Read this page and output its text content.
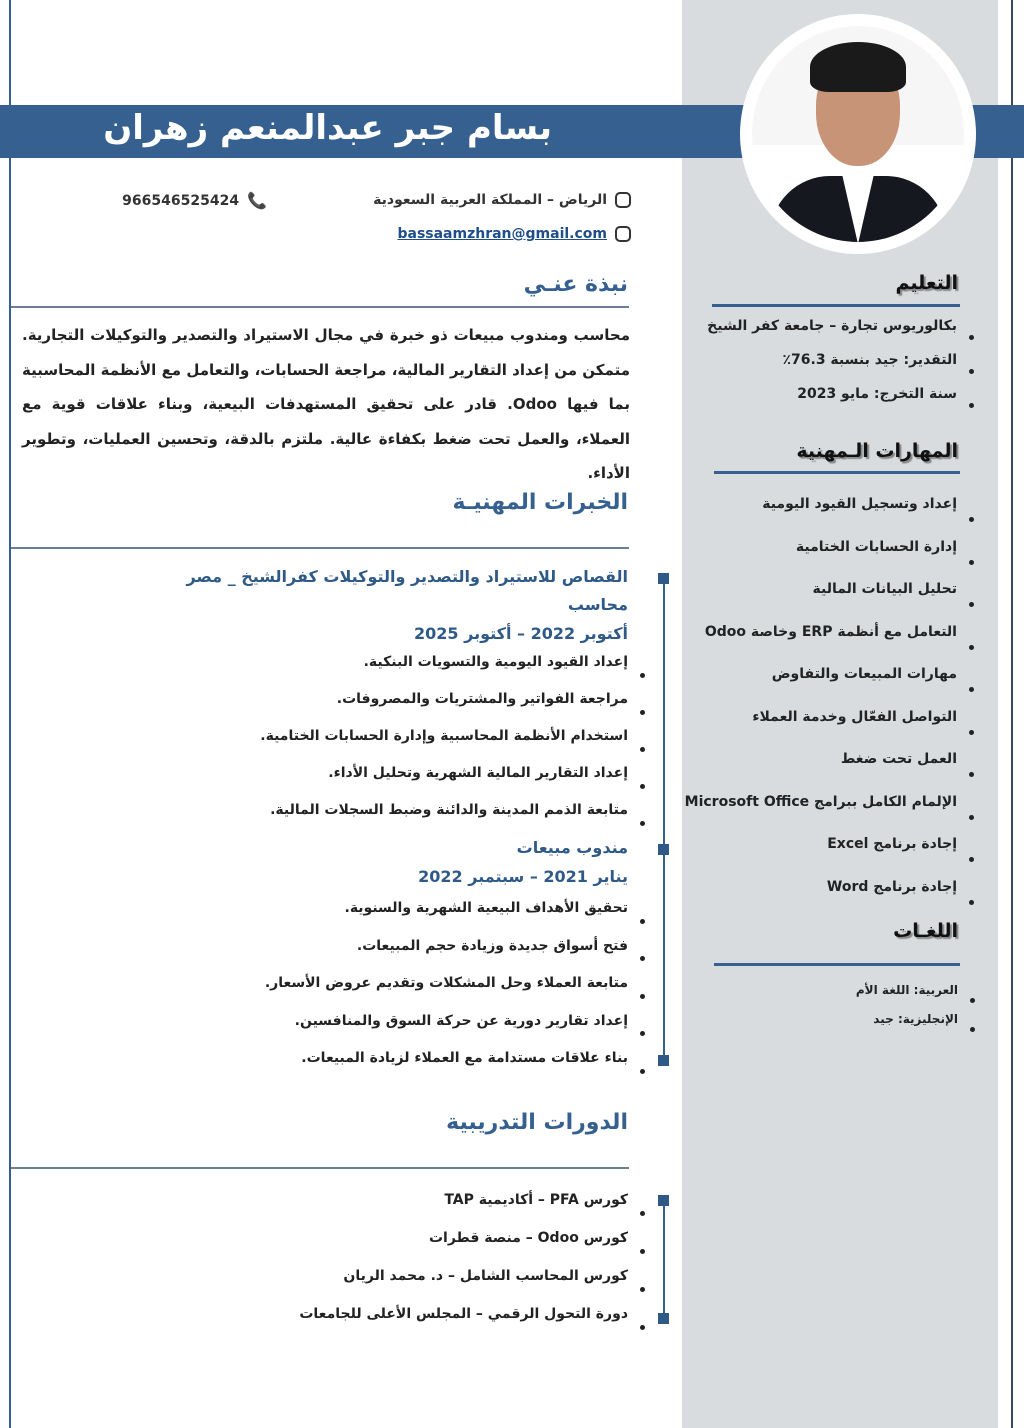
بسام جبر عبدالمنعم زهران
الرياض – المملكة العربية السعودية
📞
966546525424
bassaamzhran@gmail.com
نبذة عنـي
محاسب ومندوب مبيعات ذو خبرة في مجال الاستيراد والتصدير والتوكيلات التجارية. متمكن من إعداد التقارير المالية، مراجعة الحسابات، والتعامل مع الأنظمة المحاسبية بما فيها Odoo. قادر على تحقيق المستهدفات البيعية، وبناء علاقات قوية مع العملاء، والعمل تحت ضغط بكفاءة عالية. ملتزم بالدقة، وتحسين العمليات، وتطوير الأداء.
الخبرات المهنيـة
القصاص للاستيراد والتصدير والتوكيلات كفرالشيخ _ مصر
محاسب
أكتوبر 2022 – أكتوبر 2025
إعداد القيود اليومية والتسويات البنكية.
مراجعة الفواتير والمشتريات والمصروفات.
استخدام الأنظمة المحاسبية وإدارة الحسابات الختامية.
إعداد التقارير المالية الشهرية وتحليل الأداء.
متابعة الذمم المدينة والدائنة وضبط السجلات المالية.
مندوب مبيعات
يناير 2021 – سبتمبر 2022
تحقيق الأهداف البيعية الشهرية والسنوية.
فتح أسواق جديدة وزيادة حجم المبيعات.
متابعة العملاء وحل المشكلات وتقديم عروض الأسعار.
إعداد تقارير دورية عن حركة السوق والمنافسين.
بناء علاقات مستدامة مع العملاء لزيادة المبيعات.
الدورات التدريبية
كورس PFA – أكاديمية TAP
كورس Odoo – منصة قطرات
كورس المحاسب الشامل – د. محمد الريان
دورة التحول الرقمي – المجلس الأعلى للجامعات
التعليم
بكالوريوس تجارة – جامعة كفر الشيخ
التقدير: جيد بنسبة 76.3٪
سنة التخرج: مايو 2023
المهارات الـمهنية
إعداد وتسجيل القيود اليومية
إدارة الحسابات الختامية
تحليل البيانات المالية
التعامل مع أنظمة ERP وخاصة Odoo
مهارات المبيعات والتفاوض
التواصل الفعّال وخدمة العملاء
العمل تحت ضغط
الإلمام الكامل ببرامج Microsoft Office
إجادة برنامج Excel
إجادة برنامج Word
اللغـات
العربية: اللغة الأم
الإنجليزية: جيد
